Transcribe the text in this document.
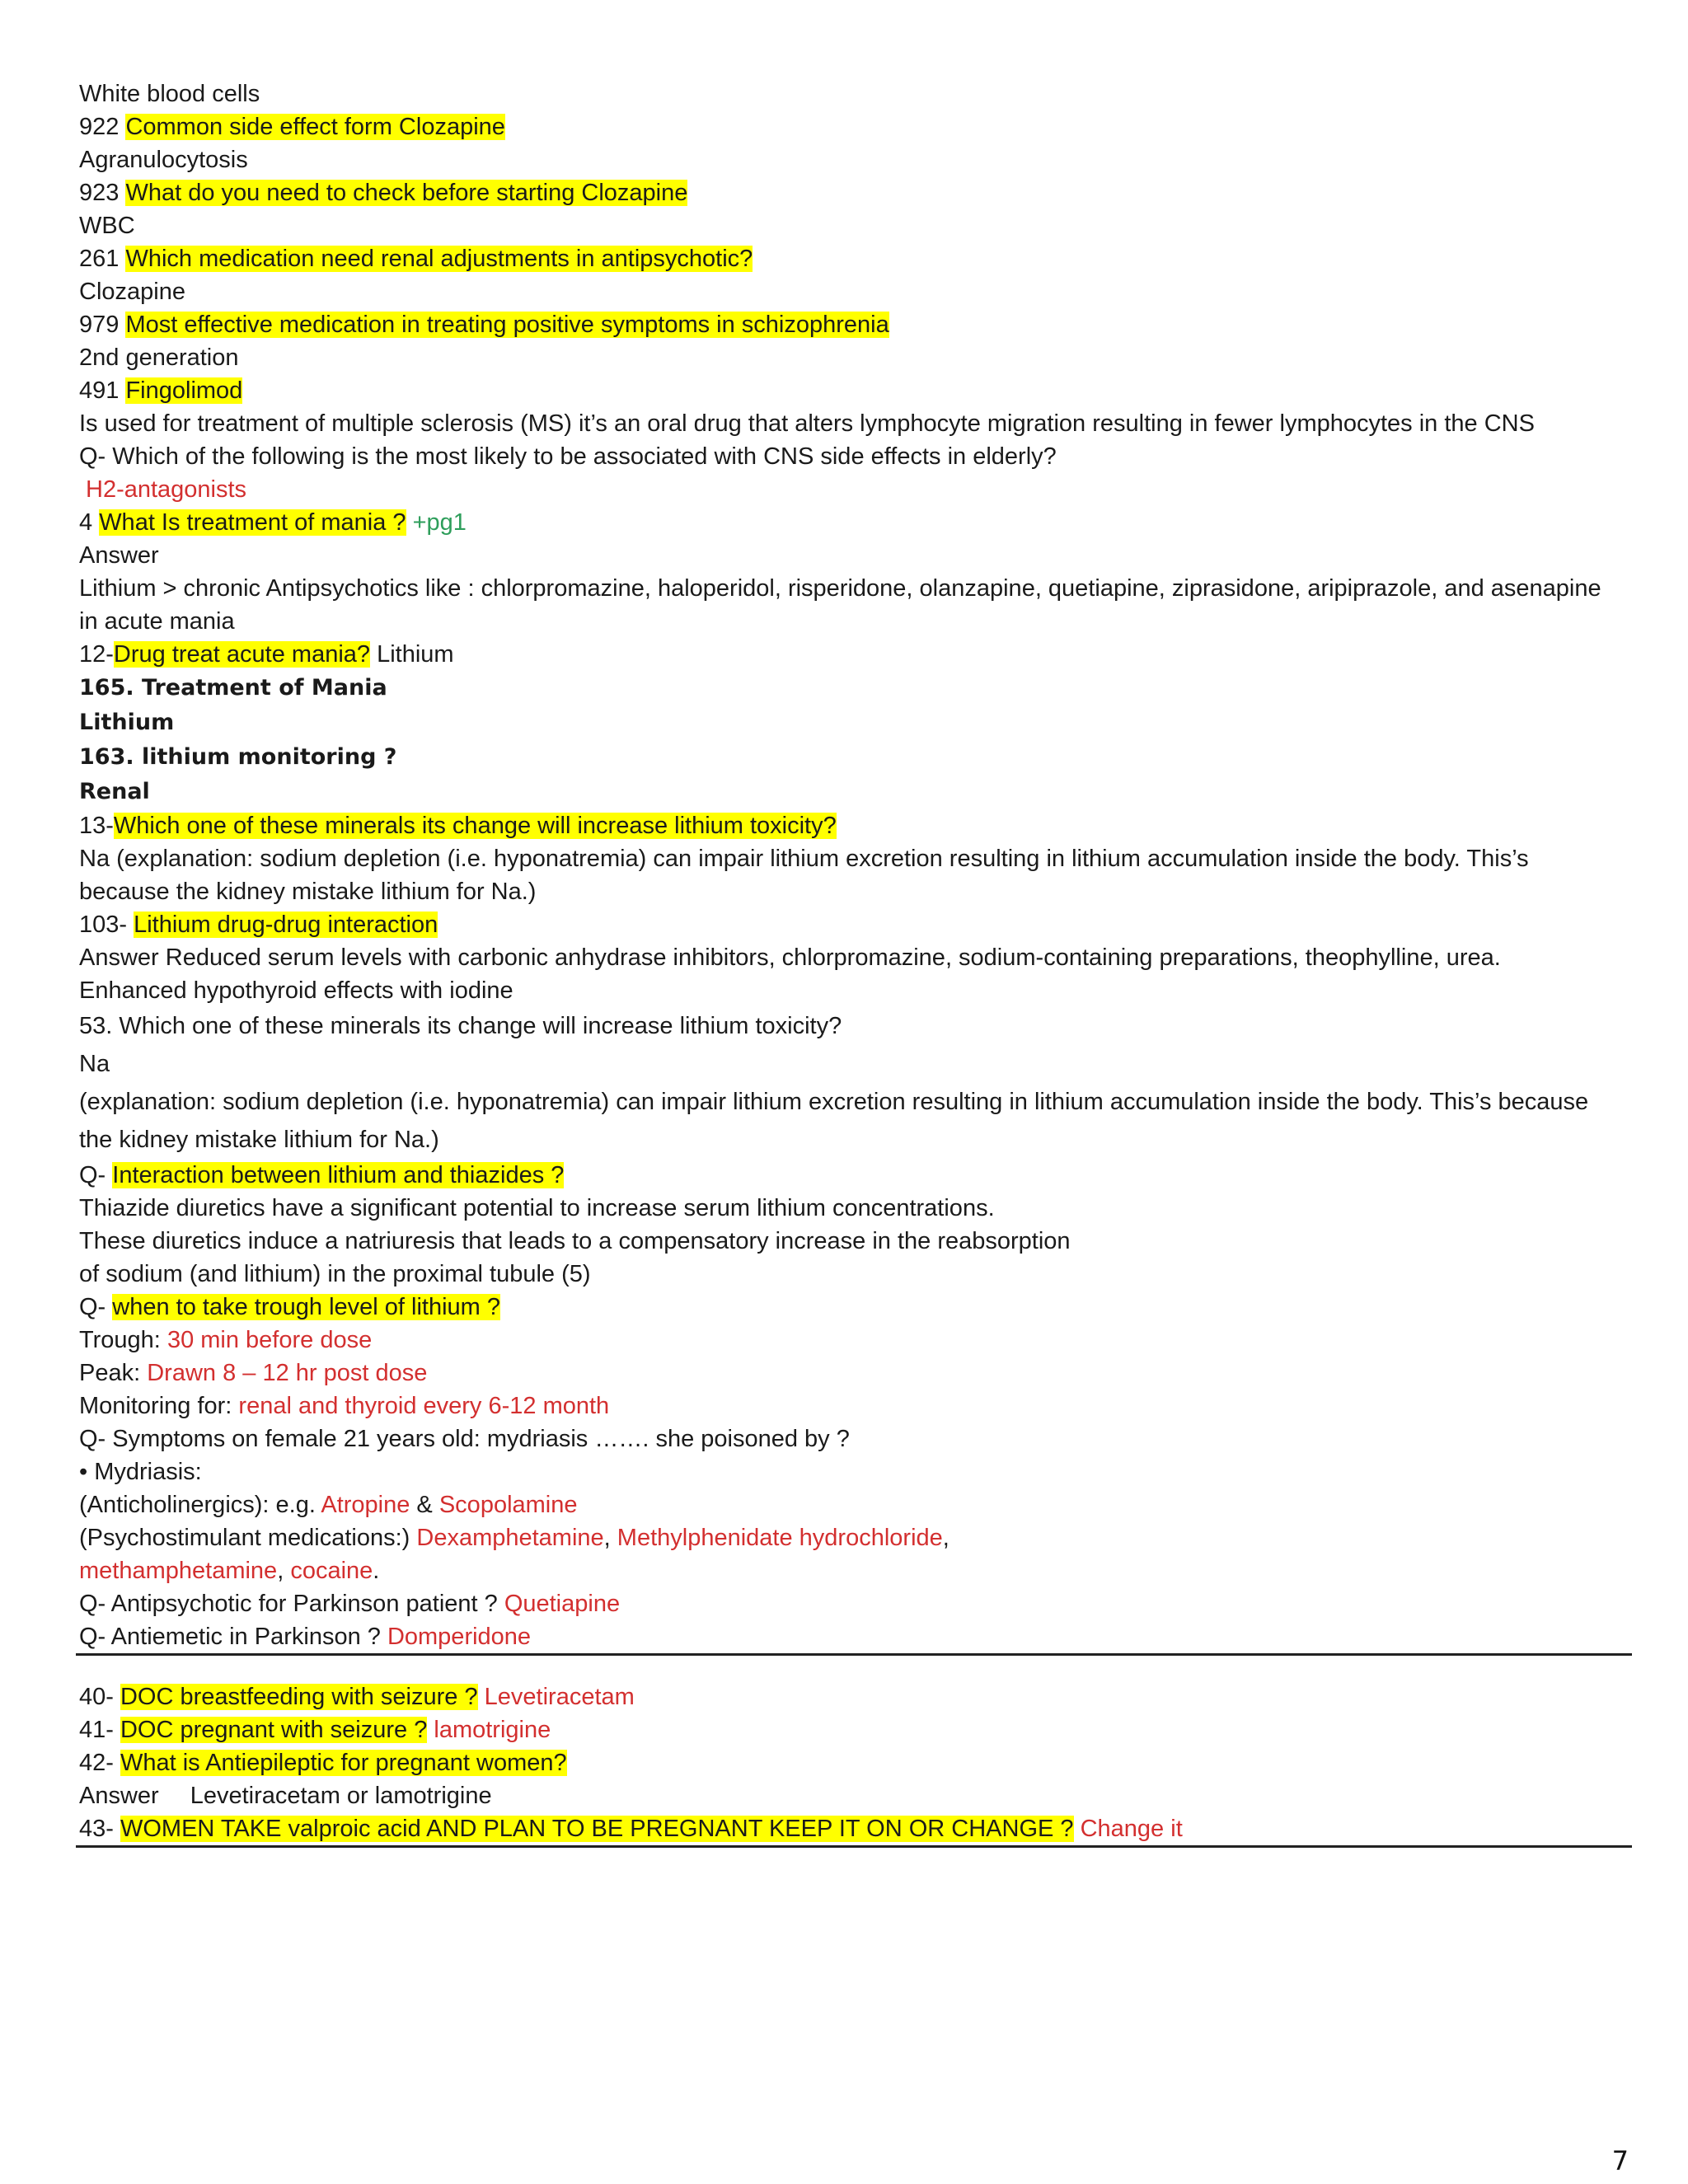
White blood cells
922 Common side effect form Clozapine
Agranulocytosis
923 What do you need to check before starting Clozapine
WBC
261 Which medication need renal adjustments in antipsychotic?
Clozapine
979 Most effective medication in treating positive symptoms in schizophrenia
2nd generation
491 Fingolimod
Is used for treatment of multiple sclerosis (MS) it’s an oral drug that alters lymphocyte migration resulting in fewer lymphocytes in the CNS
Q- Which of the following is the most likely to be associated with CNS side effects in elderly?
H2-antagonists
4 What Is treatment of mania ? +pg1
Answer
Lithium > chronic Antipsychotics like : chlorpromazine, haloperidol, risperidone, olanzapine, quetiapine, ziprasidone, aripiprazole, and asenapine in acute mania
12-Drug treat acute mania? Lithium
165. Treatment of Mania
Lithium
163. lithium monitoring ?
Renal
13-Which one of these minerals its change will increase lithium toxicity?
Na (explanation: sodium depletion (i.e. hyponatremia) can impair lithium excretion resulting in lithium accumulation inside the body. This’s because the kidney mistake lithium for Na.)
103- Lithium drug-drug interaction
Answer Reduced serum levels with carbonic anhydrase inhibitors, chlorpromazine, sodium-containing preparations, theophylline, urea. Enhanced hypothyroid effects with iodine
53. Which one of these minerals its change will increase lithium toxicity?
Na
(explanation: sodium depletion (i.e. hyponatremia) can impair lithium excretion resulting in lithium accumulation inside the body. This’s because the kidney mistake lithium for Na.)
Q- Interaction between lithium and thiazides ?
Thiazide diuretics have a significant potential to increase serum lithium concentrations.
These diuretics induce a natriuresis that leads to a compensatory increase in the reabsorption
of sodium (and lithium) in the proximal tubule (5)
Q- when to take trough level of lithium ?
Trough: 30 min before dose
Peak: Drawn 8 – 12 hr post dose
Monitoring for: renal and thyroid every 6-12 month
Q- Symptoms on female 21 years old: mydriasis ……. she poisoned by ?
• Mydriasis:
(Anticholinergics): e.g. Atropine & Scopolamine
(Psychostimulant medications:) Dexamphetamine, Methylphenidate hydrochloride,
methamphetamine, cocaine.
Q- Antipsychotic for Parkinson patient ? Quetiapine
Q- Antiemetic in Parkinson ? Domperidone
40- DOC breastfeeding with seizure ? Levetiracetam
41- DOC pregnant with seizure ? lamotrigine
42- What is Antiepileptic for pregnant women?
Answer Levetiracetam or lamotrigine
43- WOMEN TAKE valproic acid AND PLAN TO BE PREGNANT KEEP IT ON OR CHANGE ? Change it
7
